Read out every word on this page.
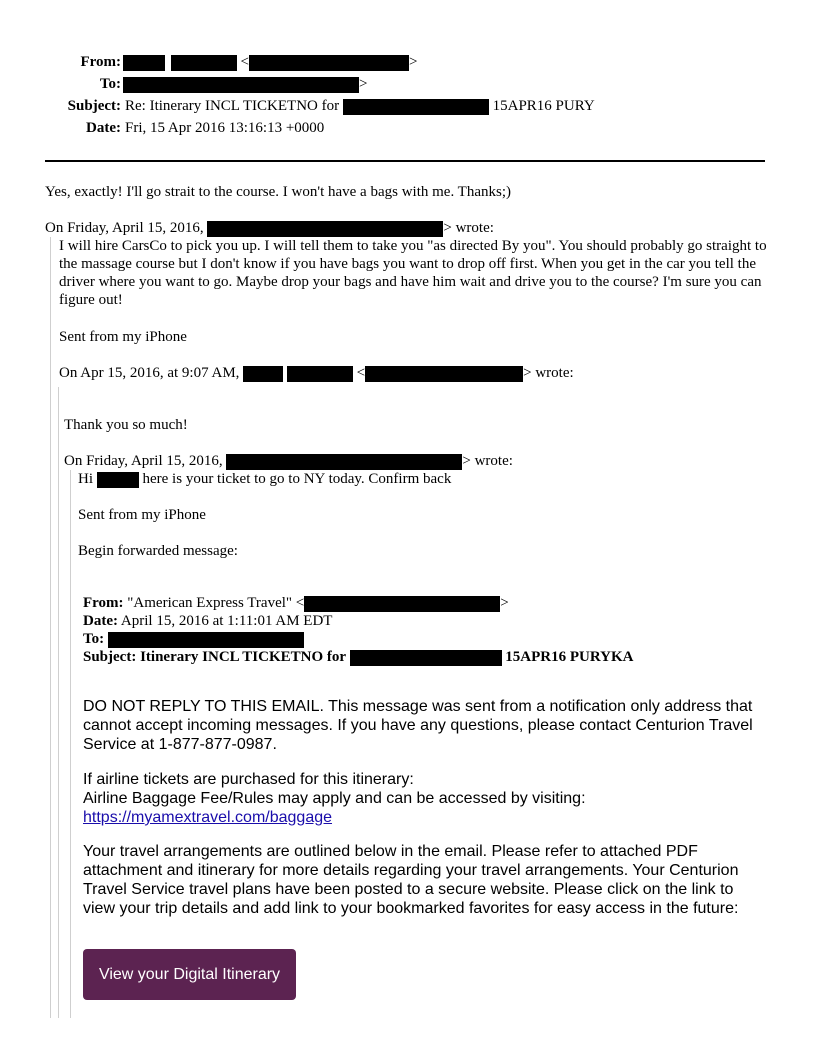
From:	<	>
To:	>
Subject: Re: Itinerary INCL TICKETNO for	15APR16 PURY
Date: Fri, 15 Apr 2016 13:16:13 +0000
Yes, exactly! I'll go strait to the course. I won't have a bags with me. Thanks;)
On Friday, April 15, 2016,	> wrote:
I will hire CarsCo to pick you up. I will tell them to take you "as directed By you". You should probably go straight to the massage course but I don't know if you have bags you want to drop off first. When you get in the car you tell the driver where you want to go. Maybe drop your bags and have him wait and drive you to the course? I'm sure you can figure out!
Sent from my iPhone
On Apr 15, 2016, at 9:07 AM,	<	> wrote:
Thank you so much!
On Friday, April 15, 2016,	> wrote:
Hi	here is your ticket to go to NY today. Confirm back
Sent from my iPhone
Begin forwarded message:
From: "American Express Travel" <	>
Date: April 15, 2016 at 1:11:01 AM EDT
To:
Subject: Itinerary INCL TICKETNO for	15APR16 PURYKA
DO NOT REPLY TO THIS EMAIL. This message was sent from a notification only address that cannot accept incoming messages. If you have any questions, please contact Centurion Travel Service at 1-877-877-0987.
If airline tickets are purchased for this itinerary:
Airline Baggage Fee/Rules may apply and can be accessed by visiting:
https://myamextravel.com/baggage
Your travel arrangements are outlined below in the email. Please refer to attached PDF attachment and itinerary for more details regarding your travel arrangements. Your Centurion Travel Service travel plans have been posted to a secure website. Please click on the link to view your trip details and add link to your bookmarked favorites for easy access in the future:
View your Digital Itinerary
